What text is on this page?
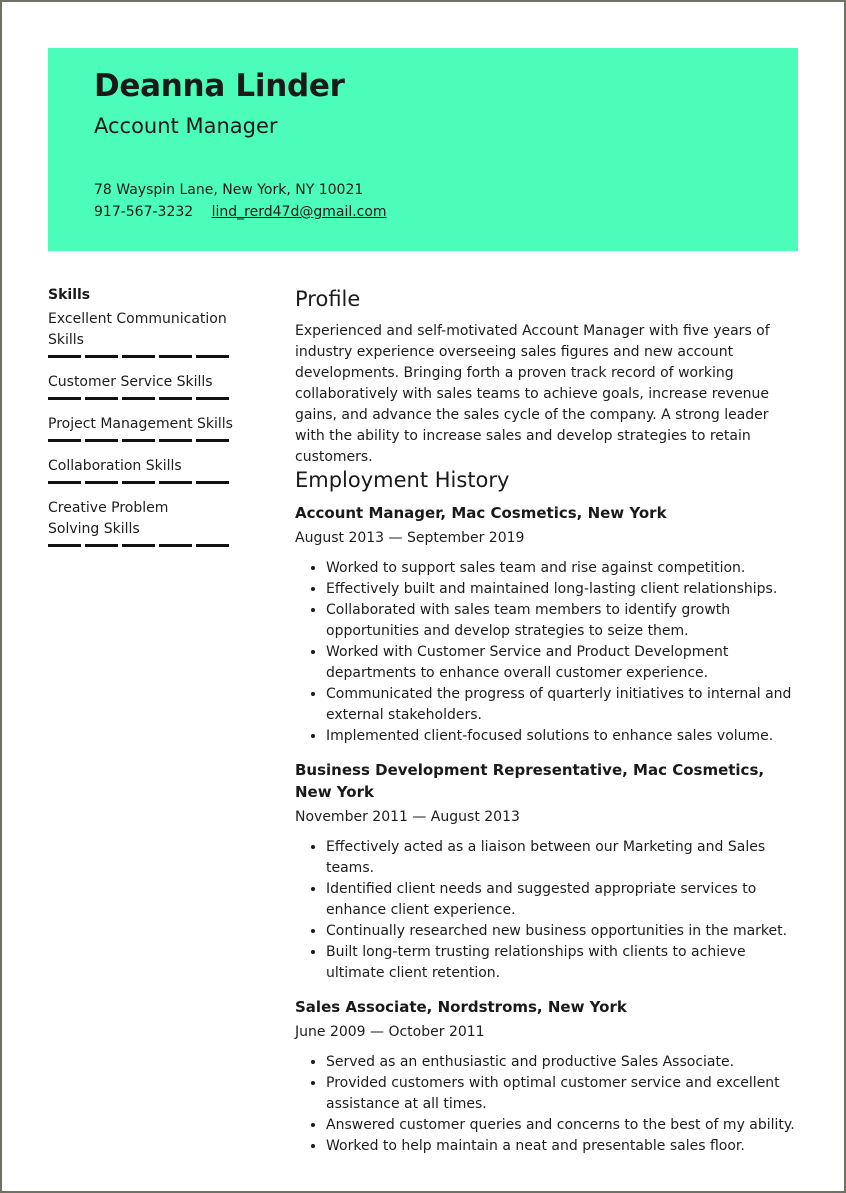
Deanna Linder
Account Manager
78 Wayspin Lane, New York, NY 10021
917-567-3232 lind_rerd47d@gmail.com
Skills
Excellent Communication Skills
Customer Service Skills
Project Management Skills
Collaboration Skills
Creative Problem Solving Skills
Profile

Experienced and self-motivated Account Manager with five years of industry experience overseeing sales figures and new account developments. Bringing forth a proven track record of working collaboratively with sales teams to achieve goals, increase revenue gains, and advance the sales cycle of the company. A strong leader with the ability to increase sales and develop strategies to retain customers.

Employment History
Account Manager, Mac Cosmetics, New York
August 2013 — September 2019
• Worked to support sales team and rise against competition.
• Effectively built and maintained long-lasting client relationships.
• Collaborated with sales team members to identify growth opportunities and develop strategies to seize them.
• Worked with Customer Service and Product Development departments to enhance overall customer experience.
• Communicated the progress of quarterly initiatives to internal and external stakeholders.
• Implemented client-focused solutions to enhance sales volume.
Business Development Representative, Mac Cosmetics, New York
November 2011 — August 2013
• Effectively acted as a liaison between our Marketing and Sales teams.
• Identified client needs and suggested appropriate services to enhance client experience.
• Continually researched new business opportunities in the market.
• Built long-term trusting relationships with clients to achieve ultimate client retention.
Sales Associate, Nordstroms, New York
June 2009 — October 2011
• Served as an enthusiastic and productive Sales Associate.
• Provided customers with optimal customer service and excellent assistance at all times.
• Answered customer queries and concerns to the best of my ability.
• Worked to help maintain a neat and presentable sales floor.
